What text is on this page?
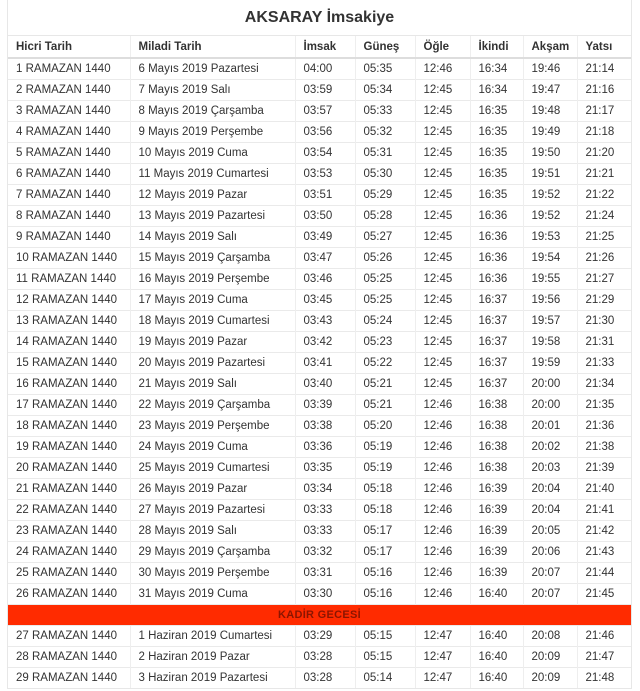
AKSARAY İmsakiye
Hicri Tarih	Miladi Tarih	İmsak	Güneş	Öğle	İkindi	Akşam	Yatsı
1 RAMAZAN 1440	6 Mayıs 2019 Pazartesi	04:00	05:35	12:46	16:34	19:46	21:14
2 RAMAZAN 1440	7 Mayıs 2019 Salı	03:59	05:34	12:45	16:34	19:47	21:16
3 RAMAZAN 1440	8 Mayıs 2019 Çarşamba	03:57	05:33	12:45	16:35	19:48	21:17
4 RAMAZAN 1440	9 Mayıs 2019 Perşembe	03:56	05:32	12:45	16:35	19:49	21:18
5 RAMAZAN 1440	10 Mayıs 2019 Cuma	03:54	05:31	12:45	16:35	19:50	21:20
6 RAMAZAN 1440	11 Mayıs 2019 Cumartesi	03:53	05:30	12:45	16:35	19:51	21:21
7 RAMAZAN 1440	12 Mayıs 2019 Pazar	03:51	05:29	12:45	16:35	19:52	21:22
8 RAMAZAN 1440	13 Mayıs 2019 Pazartesi	03:50	05:28	12:45	16:36	19:52	21:24
9 RAMAZAN 1440	14 Mayıs 2019 Salı	03:49	05:27	12:45	16:36	19:53	21:25
10 RAMAZAN 1440	15 Mayıs 2019 Çarşamba	03:47	05:26	12:45	16:36	19:54	21:26
11 RAMAZAN 1440	16 Mayıs 2019 Perşembe	03:46	05:25	12:45	16:36	19:55	21:27
12 RAMAZAN 1440	17 Mayıs 2019 Cuma	03:45	05:25	12:45	16:37	19:56	21:29
13 RAMAZAN 1440	18 Mayıs 2019 Cumartesi	03:43	05:24	12:45	16:37	19:57	21:30
14 RAMAZAN 1440	19 Mayıs 2019 Pazar	03:42	05:23	12:45	16:37	19:58	21:31
15 RAMAZAN 1440	20 Mayıs 2019 Pazartesi	03:41	05:22	12:45	16:37	19:59	21:33
16 RAMAZAN 1440	21 Mayıs 2019 Salı	03:40	05:21	12:45	16:37	20:00	21:34
17 RAMAZAN 1440	22 Mayıs 2019 Çarşamba	03:39	05:21	12:46	16:38	20:00	21:35
18 RAMAZAN 1440	23 Mayıs 2019 Perşembe	03:38	05:20	12:46	16:38	20:01	21:36
19 RAMAZAN 1440	24 Mayıs 2019 Cuma	03:36	05:19	12:46	16:38	20:02	21:38
20 RAMAZAN 1440	25 Mayıs 2019 Cumartesi	03:35	05:19	12:46	16:38	20:03	21:39
21 RAMAZAN 1440	26 Mayıs 2019 Pazar	03:34	05:18	12:46	16:39	20:04	21:40
22 RAMAZAN 1440	27 Mayıs 2019 Pazartesi	03:33	05:18	12:46	16:39	20:04	21:41
23 RAMAZAN 1440	28 Mayıs 2019 Salı	03:33	05:17	12:46	16:39	20:05	21:42
24 RAMAZAN 1440	29 Mayıs 2019 Çarşamba	03:32	05:17	12:46	16:39	20:06	21:43
25 RAMAZAN 1440	30 Mayıs 2019 Perşembe	03:31	05:16	12:46	16:39	20:07	21:44
26 RAMAZAN 1440	31 Mayıs 2019 Cuma	03:30	05:16	12:46	16:40	20:07	21:45
KADİR GECESİ							
27 RAMAZAN 1440	1 Haziran 2019 Cumartesi	03:29	05:15	12:47	16:40	20:08	21:46
28 RAMAZAN 1440	2 Haziran 2019 Pazar	03:28	05:15	12:47	16:40	20:09	21:47
29 RAMAZAN 1440	3 Haziran 2019 Pazartesi	03:28	05:14	12:47	16:40	20:09	21:48
